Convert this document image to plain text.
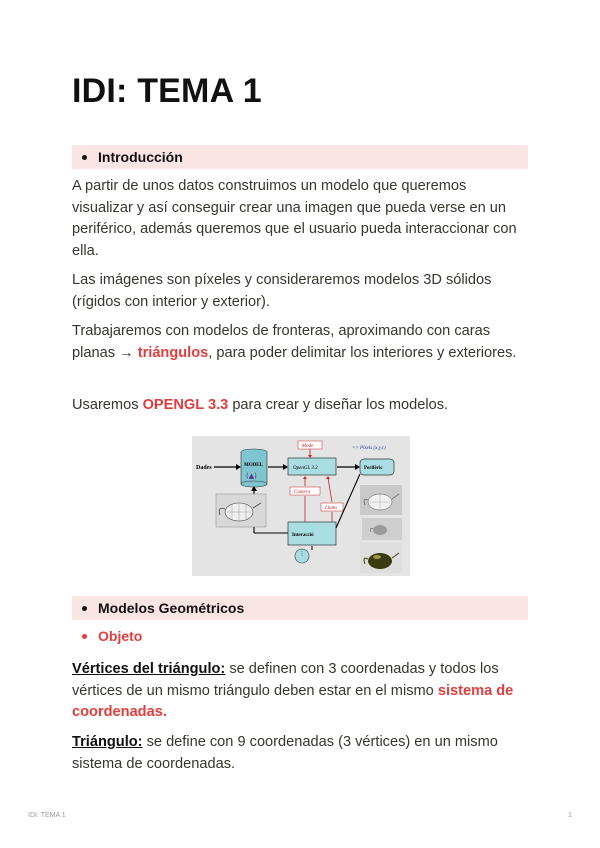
IDI: TEMA 1
Introducción

A partir de unos datos construimos un modelo que queremos visualizar y así conseguir crear una imagen que pueda verse en un periférico, además queremos que el usuario pueda interaccionar con ella.

Las imágenes son píxeles y consideraremos modelos 3D sólidos (rígidos con interior y exterior).

Trabajaremos con modelos de fronteras, aproximando con caras planas → triángulos, para poder delimitar los interiores y exteriores.

Usaremos OPENGL 3.3 para crear y diseñar los modelos.

Dades	MODEL
(▲)
OpenGL 3.3
Mode	=> Píxels (x,y,c)
Perifèric
Camera
Llums
Interacció
Modelos Geométricos
Objeto

Vértices del triángulo: se definen con 3 coordenadas y todos los vértices de un mismo triángulo deben estar en el mismo sistema de coordenadas.

Triángulo: se define con 9 coordenadas (3 vértices) en un mismo sistema de coordenadas.

IDI: TEMA 1	1
